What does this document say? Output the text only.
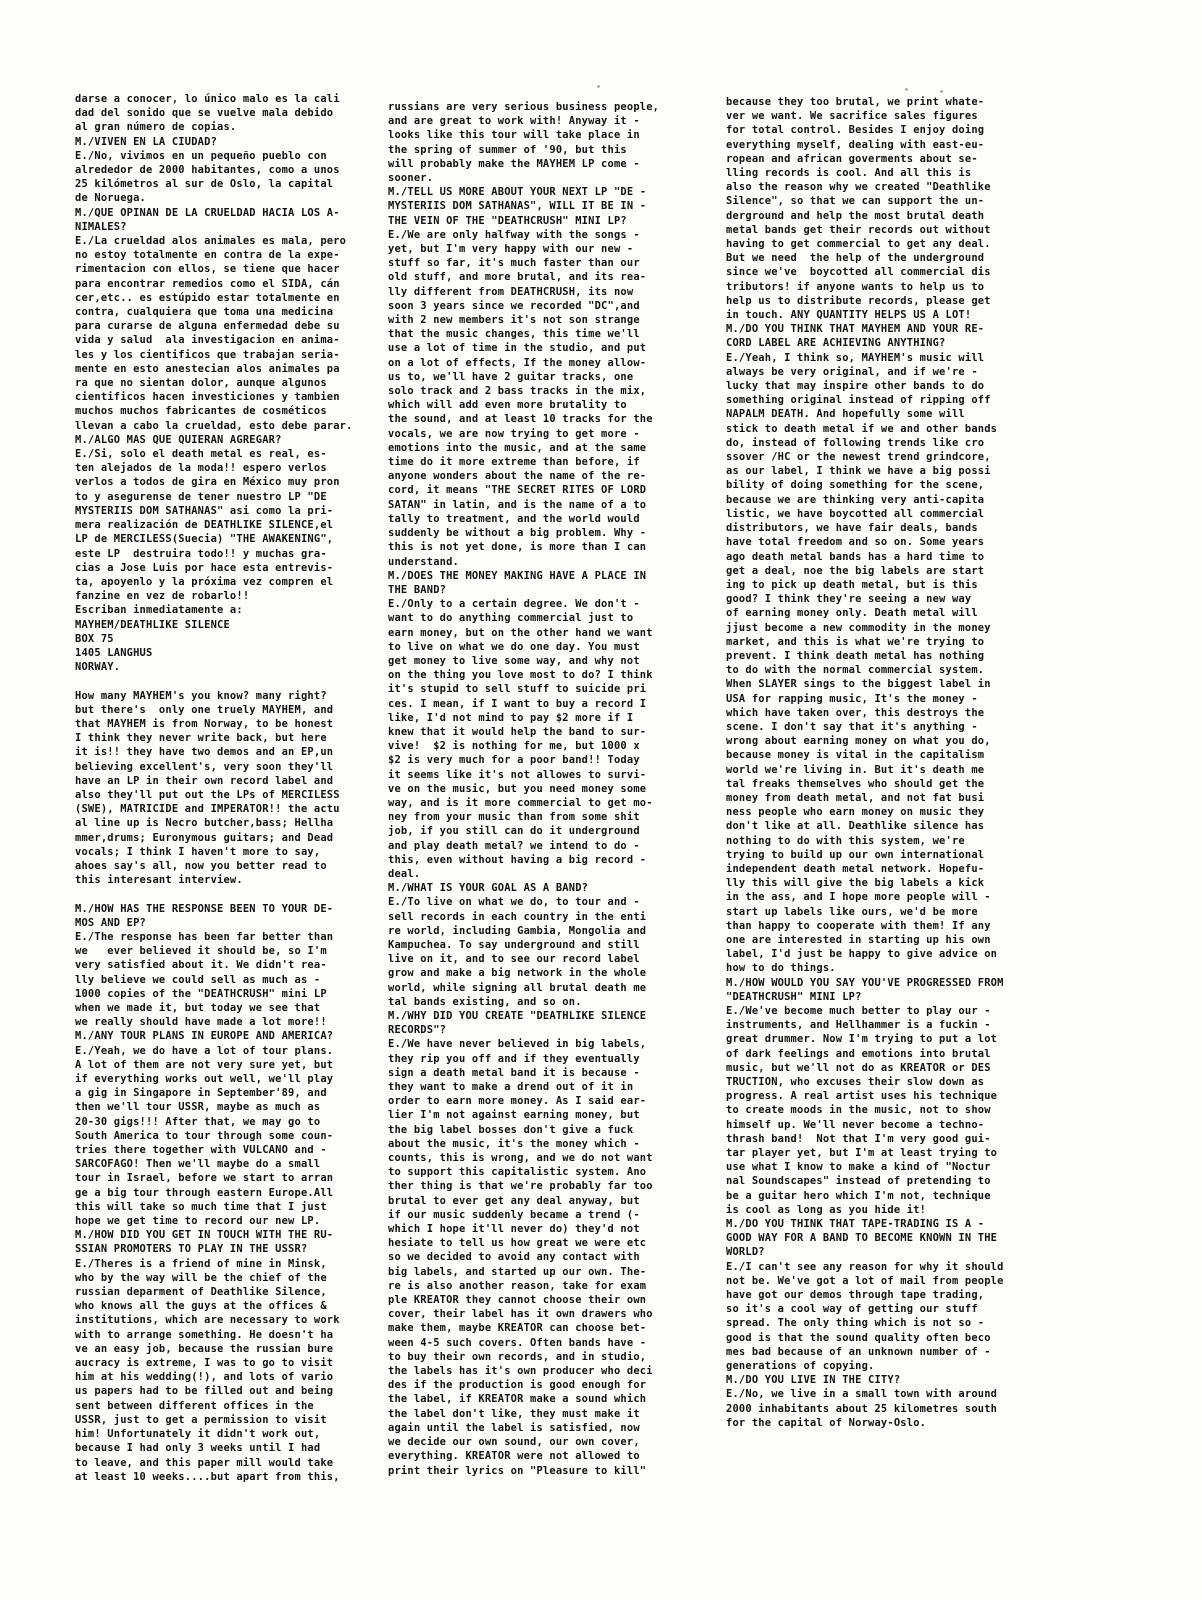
darse a conocer, lo único malo es la cali
dad del sonido que se vuelve mala debido
al gran número de copias.
M./VIVEN EN LA CIUDAD?
E./No, vivimos en un pequeño pueblo con
alrededor de 2000 habitantes, como a unos
25 kilómetros al sur de Oslo, la capital
de Noruega.
M./QUE OPINAN DE LA CRUELDAD HACIA LOS A-
NIMALES?
E./La crueldad alos animales es mala, pero
no estoy totalmente en contra de la expe-
rimentacion con ellos, se tiene que hacer
para encontrar remedios como el SIDA, cán
cer,etc.. es estúpido estar totalmente en
contra, cualquiera que toma una medicina
para curarse de alguna enfermedad debe su
vida y salud  ala investigacion en anima-
les y los cientificos que trabajan seria-
mente en esto anestecian alos animales pa
ra que no sientan dolor, aunque algunos
cientificos hacen investiciones y tambien
muchos muchos fabricantes de cosméticos
llevan a cabo la crueldad, esto debe parar.
M./ALGO MAS QUE QUIERAN AGREGAR?
E./Si, solo el death metal es real, es-
ten alejados de la moda!! espero verlos
verlos a todos de gira en México muy pron
to y asegurense de tener nuestro LP "DE
MYSTERIIS DOM SATHANAS" asi como la pri-
mera realización de DEATHLIKE SILENCE,el
LP de MERCILESS(Suecia) "THE AWAKENING",
este LP  destruira todo!! y muchas gra-
cias a Jose Luis por hace esta entrevis-
ta, apoyenlo y la próxima vez compren el
fanzine en vez de robarlo!!
Escriban inmediatamente a:
MAYHEM/DEATHLIKE SILENCE
BOX 75
1405 LANGHUS
NORWAY.

How many MAYHEM's you know? many right?
but there's  only one truely MAYHEM, and
that MAYHEM is from Norway, to be honest
I think they never write back, but here
it is!! they have two demos and an EP,un
believing excellent's, very soon they'll
have an LP in their own record label and
also they'll put out the LPs of MERCILESS
(SWE), MATRICIDE and IMPERATOR!! the actu
al line up is Necro butcher,bass; Hellha
mmer,drums; Euronymous guitars; and Dead
vocals; I think I haven't more to say,
ahoes say's all, now you better read to
this interesant interview.

M./HOW HAS THE RESPONSE BEEN TO YOUR DE-
MOS AND EP?
E./The response has been far better than
we   ever believed it should be, so I'm
very satisfied about it. We didn't rea-
lly believe we could sell as much as -
1000 copies of the "DEATHCRUSH" mini LP
when we made it, but today we see that
we really should have made a lot more!!
M./ANY TOUR PLANS IN EUROPE AND AMERICA?
E./Yeah, we do have a lot of tour plans.
A lot of them are not very sure yet, but
if everything works out well, we'll play
a gig in Singapore in September'89, and
then we'll tour USSR, maybe as much as
20-30 gigs!!! After that, we may go to
South America to tour through some coun-
tries there together with VULCANO and -
SARCOFAGO! Then we'll maybe do a small
tour in Israel, before we start to arran
ge a big tour through eastern Europe.All
this will take so much time that I just
hope we get time to record our new LP.
M./HOW DID YOU GET IN TOUCH WITH THE RU-
SSIAN PROMOTERS TO PLAY IN THE USSR?
E./Theres is a friend of mine in Minsk,
who by the way will be the chief of the
russian deparment of Deathlike Silence,
who knows all the guys at the offices &
institutions, which are necessary to work
with to arrange something. He doesn't ha
ve an easy job, because the russian bure
aucracy is extreme, I was to go to visit
him at his wedding(!), and lots of vario
us papers had to be filled out and being
sent between different offices in the
USSR, just to get a permission to visit
him! Unfortunately it didn't work out,
because I had only 3 weeks until I had
to leave, and this paper mill would take
at least 10 weeks....but apart from this,
russians are very serious business people,
and are great to work with! Anyway it -
looks like this tour will take place in
the spring of summer of '90, but this
will probably make the MAYHEM LP come -
sooner.
M./TELL US MORE ABOUT YOUR NEXT LP "DE -
MYSTERIIS DOM SATHANAS", WILL IT BE IN -
THE VEIN OF THE "DEATHCRUSH" MINI LP?
E./We are only halfway with the songs -
yet, but I'm very happy with our new -
stuff so far, it's much faster than our
old stuff, and more brutal, and its rea-
lly different from DEATHCRUSH, its now
soon 3 years since we recorded "DC",and
with 2 new members it's not son strange
that the music changes, this time we'll
use a lot of time in the studio, and put
on a lot of effects, If the money allow-
us to, we'll have 2 guitar tracks, one
solo track and 2 bass tracks in the mix,
which will add even more brutality to
the sound, and at least 10 tracks for the
vocals, we are now trying to get more -
emotions into the music, and at the same
time do it more extreme than before, if
anyone wonders about the name of the re-
cord, it means "THE SECRET RITES OF LORD
SATAN" in latin, and is the name of a to
tally to treatment, and the world would
suddenly be without a big problem. Why -
this is not yet done, is more than I can
understand.
M./DOES THE MONEY MAKING HAVE A PLACE IN
THE BAND?
E./Only to a certain degree. We don't -
want to do anything commercial just to
earn money, but on the other hand we want
to live on what we do one day. You must
get money to live some way, and why not
on the thing you love most to do? I think
it's stupid to sell stuff to suicide pri
ces. I mean, if I want to buy a record I
like, I'd not mind to pay $2 more if I
knew that it would help the band to sur-
vive!  $2 is nothing for me, but 1000 x
$2 is very much for a poor band!! Today
it seems like it's not allowes to survi-
ve on the music, but you need money some
way, and is it more commercial to get mo-
ney from your music than from some shit
job, if you still can do it underground
and play death metal? we intend to do -
this, even without having a big record -
deal.
M./WHAT IS YOUR GOAL AS A BAND?
E./To live on what we do, to tour and -
sell records in each country in the enti
re world, including Gambia, Mongolia and
Kampuchea. To say underground and still
live on it, and to see our record label
grow and make a big network in the whole
world, while signing all brutal death me
tal bands existing, and so on.
M./WHY DID YOU CREATE "DEATHLIKE SILENCE
RECORDS"?
E./We have never believed in big labels,
they rip you off and if they eventually
sign a death metal band it is because -
they want to make a drend out of it in
order to earn more money. As I said ear-
lier I'm not against earning money, but
the big label bosses don't give a fuck
about the music, it's the money which -
counts, this is wrong, and we do not want
to support this capitalistic system. Ano
ther thing is that we're probably far too
brutal to ever get any deal anyway, but
if our music suddenly became a trend (-
which I hope it'll never do) they'd not
hesiate to tell us how great we were etc
so we decided to avoid any contact with
big labels, and started up our own. The-
re is also another reason, take for exam
ple KREATOR they cannot choose their own
cover, their label has it own drawers who
make them, maybe KREATOR can choose bet-
ween 4-5 such covers. Often bands have -
to buy their own records, and in studio,
the labels has it's own producer who deci
des if the production is good enough for
the label, if KREATOR make a sound which
the label don't like, they must make it
again until the label is satisfied, now
we decide our own sound, our own cover,
everything. KREATOR were not allowed to
print their lyrics on "Pleasure to kill"
because they too brutal, we print whate-
ver we want. We sacrifice sales figures
for total control. Besides I enjoy doing
everything myself, dealing with east-eu-
ropean and african goverments about se-
lling records is cool. And all this is
also the reason why we created "Deathlike
Silence", so that we can support the un-
derground and help the most brutal death
metal bands get their records out without
having to get commercial to get any deal.
But we need  the help of the underground
since we've  boycotted all commercial dis
tributors! if anyone wants to help us to
help us to distribute records, please get
in touch. ANY QUANTITY HELPS US A LOT!
M./DO YOU THINK THAT MAYHEM AND YOUR RE-
CORD LABEL ARE ACHIEVING ANYTHING?
E./Yeah, I think so, MAYHEM's music will
always be very original, and if we're -
lucky that may inspire other bands to do
something original instead of ripping off
NAPALM DEATH. And hopefully some will
stick to death metal if we and other bands
do, instead of following trends like cro
ssover /HC or the newest trend grindcore,
as our label, I think we have a big possi
bility of doing something for the scene,
because we are thinking very anti-capita
listic, we have boycotted all commercial
distributors, we have fair deals, bands
have total freedom and so on. Some years
ago death metal bands has a hard time to
get a deal, noe the big labels are start
ing to pick up death metal, but is this
good? I think they're seeing a new way
of earning money only. Death metal will
jjust become a new commodity in the money
market, and this is what we're trying to
prevent. I think death metal has nothing
to do with the normal commercial system.
When SLAYER sings to the biggest label in
USA for rapping music, It's the money -
which have taken over, this destroys the
scene. I don't say that it's anything -
wrong about earning money on what you do,
because money is vital in the capitalism
world we're living in. But it's death me
tal freaks themselves who should get the
money from death metal, and not fat busi
ness people who earn money on music they
don't like at all. Deathlike silence has
nothing to do with this system, we're
trying to build up our own international
independent death metal network. Hopefu-
lly this will give the big labels a kick
in the ass, and I hope more people will -
start up labels like ours, we'd be more
than happy to cooperate with them! If any
one are interested in starting up his own
label, I'd just be happy to give advice on
how to do things.
M./HOW WOULD YOU SAY YOU'VE PROGRESSED FROM
"DEATHCRUSH" MINI LP?
E./We've become much better to play our -
instruments, and Hellhammer is a fuckin -
great drummer. Now I'm trying to put a lot
of dark feelings and emotions into brutal
music, but we'll not do as KREATOR or DES
TRUCTION, who excuses their slow down as
progress. A real artist uses his technique
to create moods in the music, not to show
himself up. We'll never become a techno-
thrash band!  Not that I'm very good gui-
tar player yet, but I'm at least trying to
use what I know to make a kind of "Noctur
nal Soundscapes" instead of pretending to
be a guitar hero which I'm not, technique
is cool as long as you hide it!
M./DO YOU THINK THAT TAPE-TRADING IS A -
GOOD WAY FOR A BAND TO BECOME KNOWN IN THE
WORLD?
E./I can't see any reason for why it should
not be. We've got a lot of mail from people
have got our demos through tape trading,
so it's a cool way of getting our stuff
spread. The only thing which is not so -
good is that the sound quality often beco
mes bad because of an unknown number of -
generations of copying.
M./DO YOU LIVE IN THE CITY?
E./No, we live in a small town with around
2000 inhabitants about 25 kilometres south
for the capital of Norway-Oslo.
